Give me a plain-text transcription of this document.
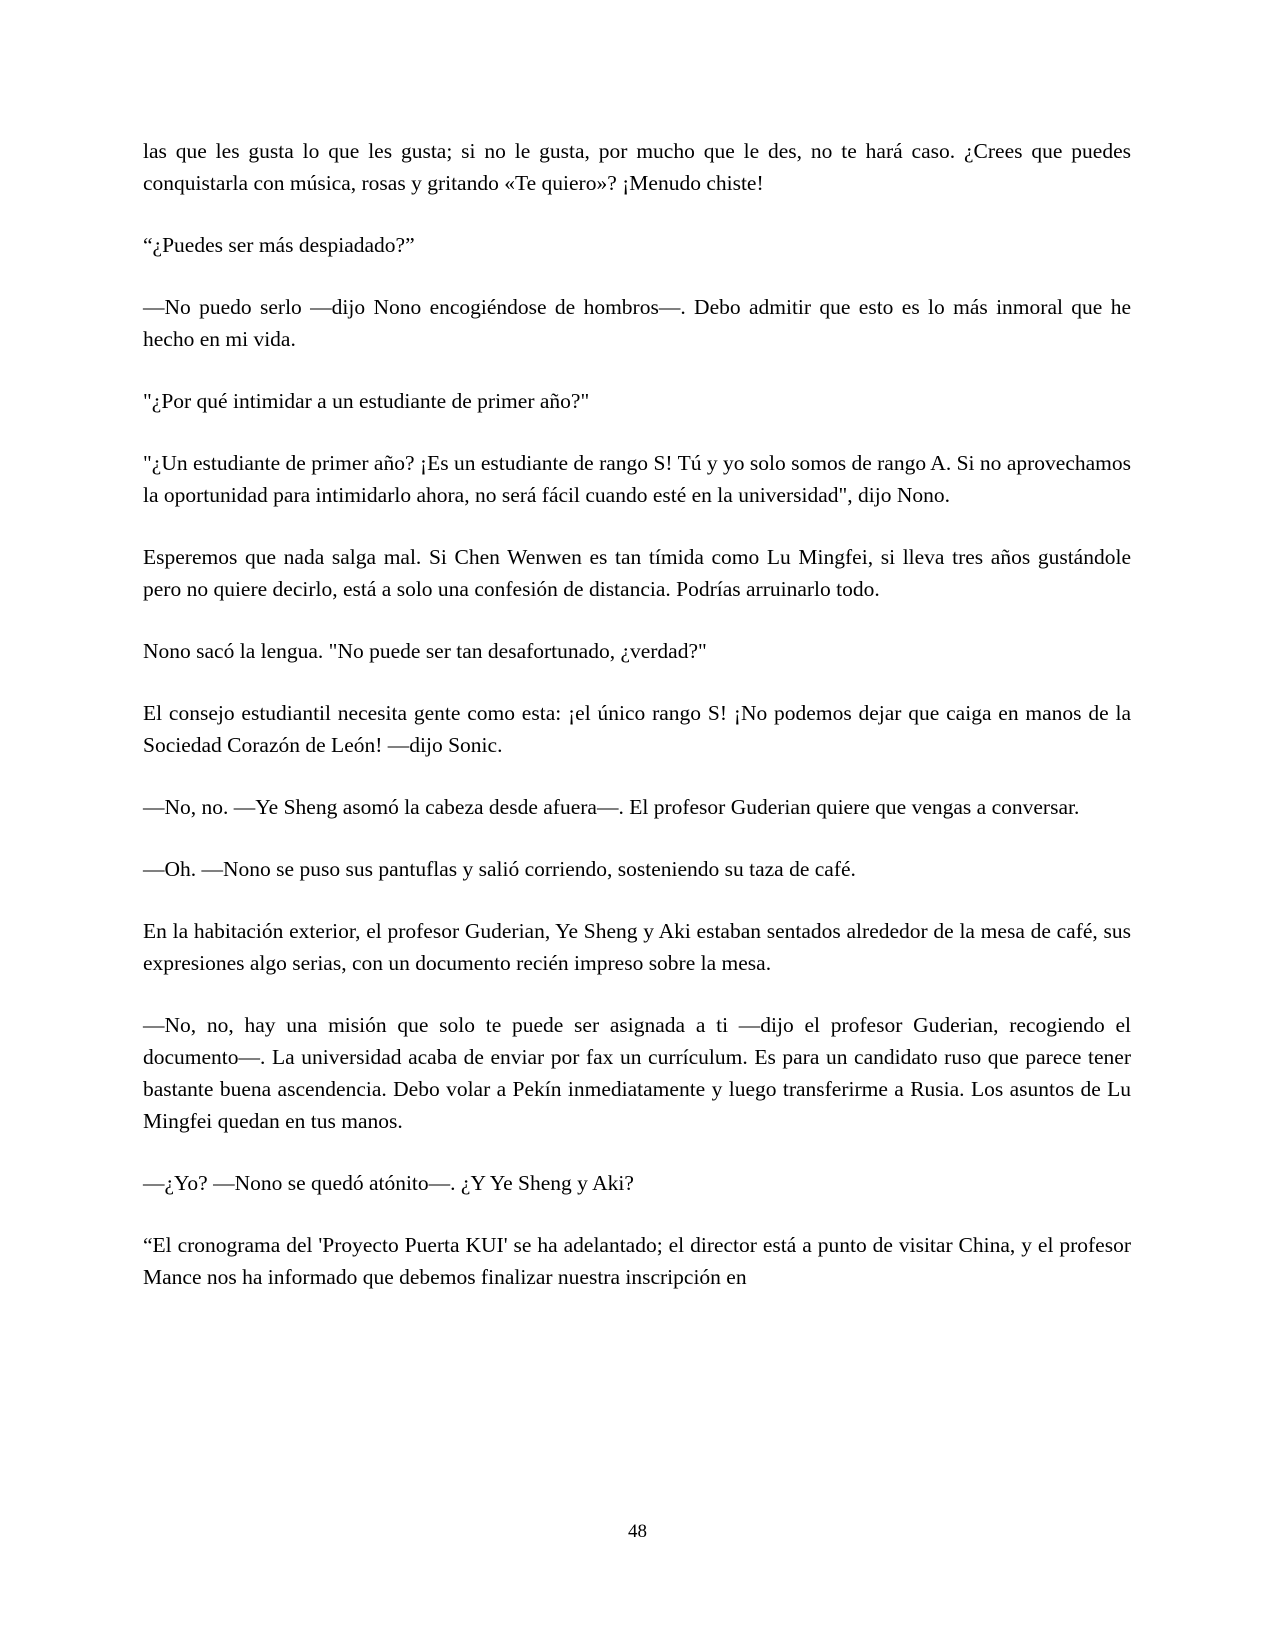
las que les gusta lo que les gusta; si no le gusta, por mucho que le des, no te hará caso. ¿Crees que puedes conquistarla con música, rosas y gritando «Te quiero»? ¡Menudo chiste!

“¿Puedes ser más despiadado?”

—No puedo serlo —dijo Nono encogiéndose de hombros—. Debo admitir que esto es lo más inmoral que he hecho en mi vida.

"¿Por qué intimidar a un estudiante de primer año?"

"¿Un estudiante de primer año? ¡Es un estudiante de rango S! Tú y yo solo somos de rango A. Si no aprovechamos la oportunidad para intimidarlo ahora, no será fácil cuando esté en la universidad", dijo Nono.

Esperemos que nada salga mal. Si Chen Wenwen es tan tímida como Lu Mingfei, si lleva tres años gustándole pero no quiere decirlo, está a solo una confesión de distancia. Podrías arruinarlo todo.

Nono sacó la lengua. "No puede ser tan desafortunado, ¿verdad?"

El consejo estudiantil necesita gente como esta: ¡el único rango S! ¡No podemos dejar que caiga en manos de la Sociedad Corazón de León! —dijo Sonic.

—No, no. —Ye Sheng asomó la cabeza desde afuera—. El profesor Guderian quiere que vengas a conversar.

—Oh. —Nono se puso sus pantuflas y salió corriendo, sosteniendo su taza de café.

En la habitación exterior, el profesor Guderian, Ye Sheng y Aki estaban sentados alrededor de la mesa de café, sus expresiones algo serias, con un documento recién impreso sobre la mesa.

—No, no, hay una misión que solo te puede ser asignada a ti —dijo el profesor Guderian, recogiendo el documento—. La universidad acaba de enviar por fax un currículum. Es para un candidato ruso que parece tener bastante buena ascendencia. Debo volar a Pekín inmediatamente y luego transferirme a Rusia. Los asuntos de Lu Mingfei quedan en tus manos.

—¿Yo? —Nono se quedó atónito—. ¿Y Ye Sheng y Aki?

“El cronograma del 'Proyecto Puerta KUI' se ha adelantado; el director está a punto de visitar China, y el profesor Mance nos ha informado que debemos finalizar nuestra inscripción en

48
